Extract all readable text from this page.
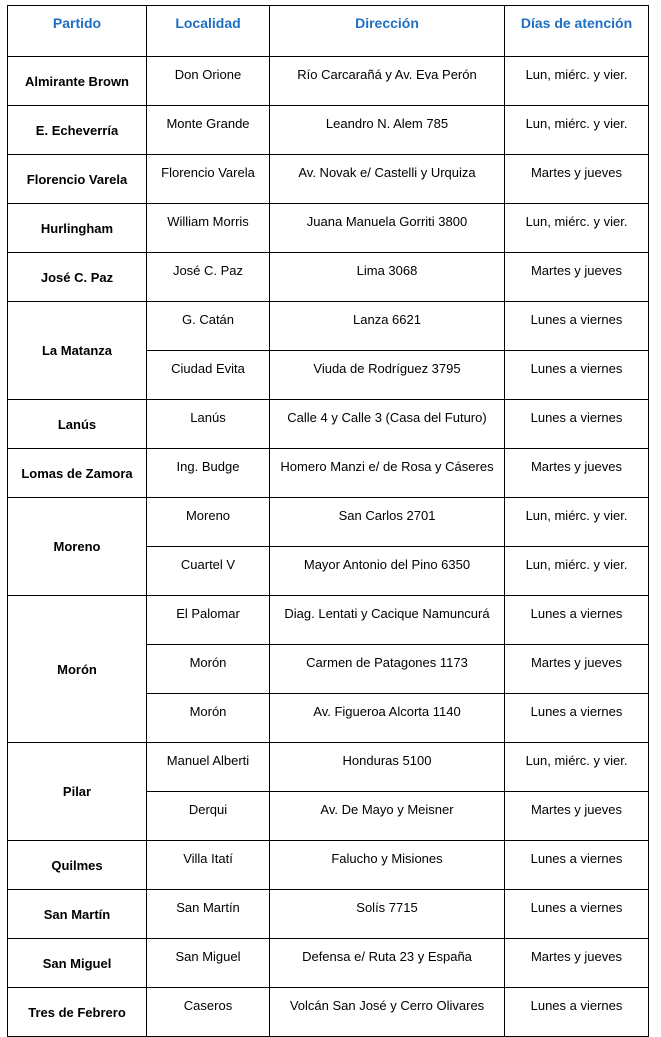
Partido	Localidad	Dirección	Días de atención
Almirante Brown	Don Orione	Río Carcarañá y Av. Eva Perón	Lun, miérc. y vier.
E. Echeverría	Monte Grande	Leandro N. Alem 785	Lun, miérc. y vier.
Florencio Varela	Florencio Varela	Av. Novak e/ Castelli y Urquiza	Martes y jueves
Hurlingham	William Morris	Juana Manuela Gorriti 3800	Lun, miérc. y vier.
José C. Paz	José C. Paz	Lima 3068	Martes y jueves
La Matanza	G. Catán	Lanza 6621	Lunes a viernes
	Ciudad Evita	Viuda de Rodríguez 3795	Lunes a viernes
Lanús	Lanús	Calle 4 y Calle 3 (Casa del Futuro)	Lunes a viernes
Lomas de Zamora	Ing. Budge	Homero Manzi e/ de Rosa y Cáseres	Martes y jueves
Moreno	Moreno	San Carlos 2701	Lun, miérc. y vier.
	Cuartel V	Mayor Antonio del Pino 6350	Lun, miérc. y vier.
Morón	El Palomar	Diag. Lentati y Cacique Namuncurá	Lunes a viernes
	Morón	Carmen de Patagones 1173	Martes y jueves
	Morón	Av. Figueroa Alcorta 1140	Lunes a viernes
Pilar	Manuel Alberti	Honduras 5100	Lun, miérc. y vier.
	Derqui	Av. De Mayo y Meisner	Martes y jueves
Quilmes	Villa Itatí	Falucho y Misiones	Lunes a viernes
San Martín	San Martín	Solís 7715	Lunes a viernes
San Miguel	San Miguel	Defensa e/ Ruta 23 y España	Martes y jueves
Tres de Febrero	Caseros	Volcán San José y Cerro Olivares	Lunes a viernes
